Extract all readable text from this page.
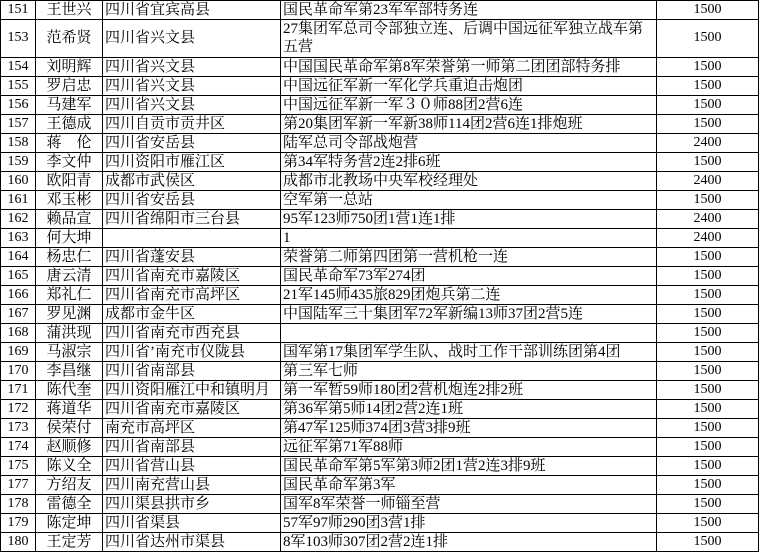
151	王世兴	四川省宜宾高县	国民革命军第23军军部特务连	1500
153	范希贤	四川省兴文县	27集团军总司令部独立连、后调中国远征军独立战车第五营	1500
154	刘明辉	四川省兴文县	中国国民革命军第8军荣誉第一师第二团团部特务排	1500
155	罗启忠	四川省兴文县	中国远征军新一军化学兵重迫击炮团	1500
156	马建军	四川省兴文县	中国远征军新一军３０师88团2营6连	1500
157	王德成	四川自贡市贡井区	第20集团军新一军新38师114团2营6连1排炮班	1500
158	蒋　伦	四川省安岳县	陆军总司令部战炮营	2400
159	李文仲	四川资阳市雁江区	第34军特务营2连2排6班	1500
160	欧阳青	成都市武侯区	成都市北教场中央军校经理处	2400
161	邓玉彬	四川省安岳县	空军第一总站	1500
162	赖品宣	四川省绵阳市三台县	95军123师750团1营1连1排	2400
163	何大坤		1	2400
164	杨忠仁	四川省蓬安县	荣誉第二师第四团第一营机枪一连	1500
165	唐云清	四川省南充市嘉陵区	国民革命军73军274团	1500
166	郑礼仁	四川省南充市高坪区	21军145师435旅829团炮兵第二连	1500
167	罗见渊	成都市金牛区	中国陆军三十集团军72军新编13师37团2营5连	1500
168	蒲洪现	四川省南充市西充县		1500
169	马淑宗	四川省’南充市仪陇县	国军第17集团军学生队、战时工作干部训练团第4团	1500
170	李昌继	四川省南部县	第三军七师	1500
171	陈代奎	四川资阳雁江中和镇明月	第一军暂59师180团2营机炮连2排2班	1500
172	蒋道华	四川省南充市嘉陵区	第36军第5师14团2营2连1班	1500
173	侯荣付	南充市高坪区	第47军125师374团3营3排9班	1500
174	赵顺修	四川省南部县	远征军第71军88师	1500
175	陈义全	四川省营山县	国民革命军第5军第3师2团1营2连3排9班	1500
177	方绍友	四川南充营山县	国民革命军第3军	1500
178	雷德全	四川渠县拱市乡	国军8军荣誉一师锱至营	1500
179	陈定坤	四川省渠县	57军97师290团3营1排	1500
180	王定芳	四川省达州市渠县	8军103师307团2营2连1排	1500
